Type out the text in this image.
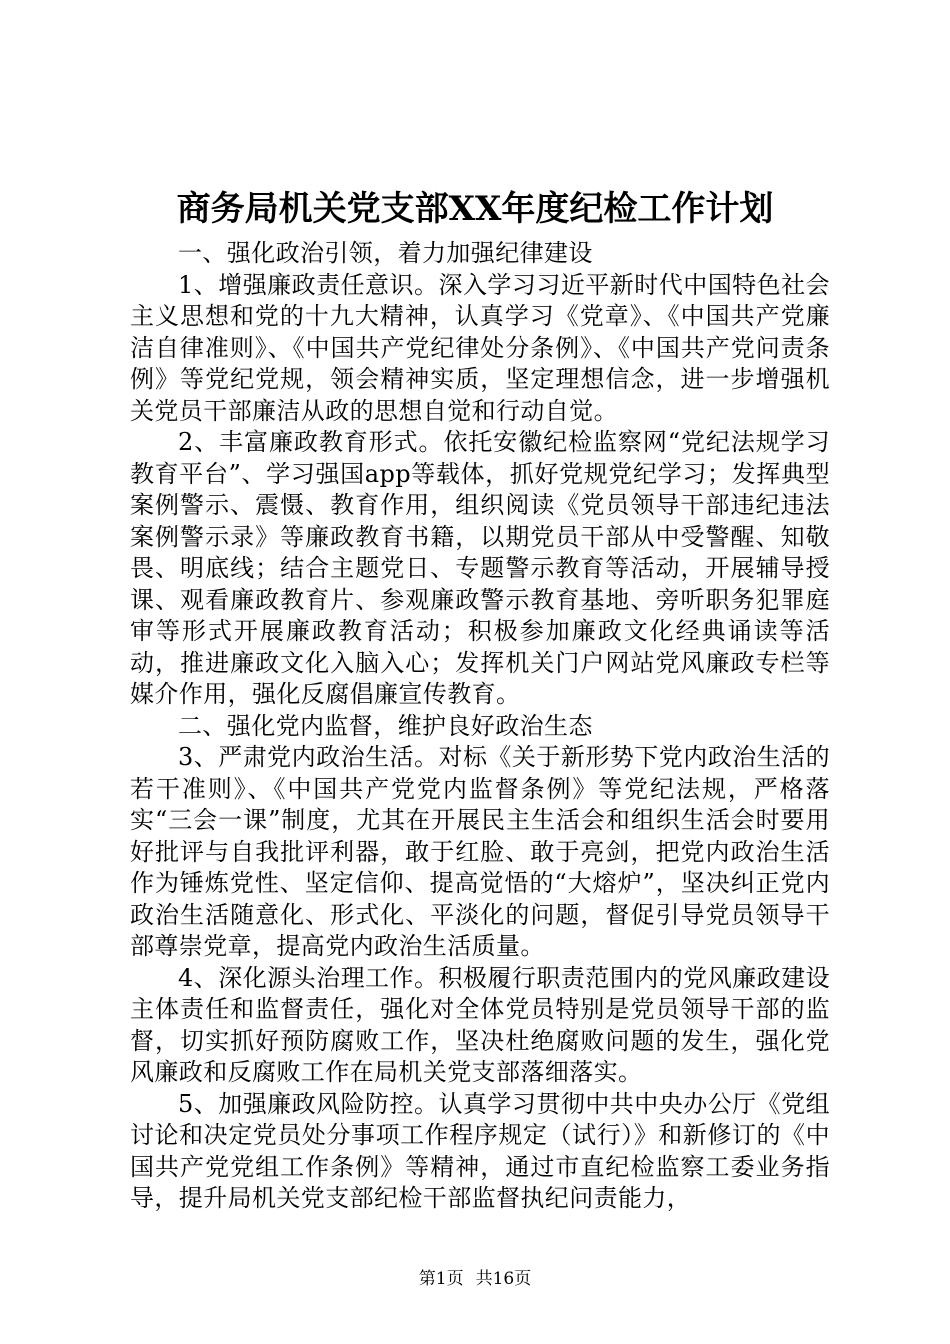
商务局机关党支部XX年度纪检工作计划

一、强化政治引领，着力加强纪律建设

1、增强廉政责任意识。深入学习习近平新时代中国特色社会主义思想和党的十九大精神，认真学习《党章》、《中国共产党廉洁自律准则》、《中国共产党纪律处分条例》、《中国共产党问责条例》等党纪党规，领会精神实质，坚定理想信念，进一步增强机关党员干部廉洁从政的思想自觉和行动自觉。

2、丰富廉政教育形式。依托安徽纪检监察网“党纪法规学习教育平台”、学习强国app等载体，抓好党规党纪学习；发挥典型案例警示、震慑、教育作用，组织阅读《党员领导干部违纪违法案例警示录》等廉政教育书籍，以期党员干部从中受警醒、知敬畏、明底线；结合主题党日、专题警示教育等活动，开展辅导授课、观看廉政教育片、参观廉政警示教育基地、旁听职务犯罪庭审等形式开展廉政教育活动；积极参加廉政文化经典诵读等活动，推进廉政文化入脑入心；发挥机关门户网站党风廉政专栏等媒介作用，强化反腐倡廉宣传教育。

二、强化党内监督，维护良好政治生态

3、严肃党内政治生活。对标《关于新形势下党内政治生活的若干准则》、《中国共产党党内监督条例》等党纪法规，严格落实“三会一课”制度，尤其在开展民主生活会和组织生活会时要用好批评与自我批评利器，敢于红脸、敢于亮剑，把党内政治生活作为锤炼党性、坚定信仰、提高觉悟的“大熔炉”，坚决纠正党内政治生活随意化、形式化、平淡化的问题，督促引导党员领导干部尊崇党章，提高党内政治生活质量。

4、深化源头治理工作。积极履行职责范围内的党风廉政建设主体责任和监督责任，强化对全体党员特别是党员领导干部的监督，切实抓好预防腐败工作，坚决杜绝腐败问题的发生，强化党风廉政和反腐败工作在局机关党支部落细落实。

5、加强廉政风险防控。认真学习贯彻中共中央办公厅《党组讨论和决定党员处分事项工作程序规定（试行）》和新修订的《中国共产党党组工作条例》等精神，通过市直纪检监察工委业务指导，提升局机关党支部纪检干部监督执纪问责能力，

第1页 共16页
